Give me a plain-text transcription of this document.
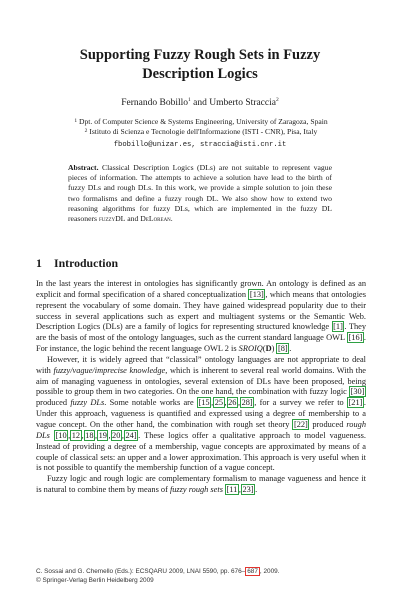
Supporting Fuzzy Rough Sets in Fuzzy
Description Logics
Fernando Bobillo$^1$ and Umberto Straccia$^2$
$^1$ Dpt. of Computer Science & Systems Engineering, University of Zaragoza, Spain
$^2$ Istituto di Scienza e Tecnologie dell'Informazione (ISTI - CNR), Pisa, Italy
fbobillo@unizar.es, straccia@isti.cnr.it
Abstract. Classical Description Logics (DLs) are not suitable to represent vague pieces of information. The attempts to achieve a solution have lead to the birth of fuzzy DLs and rough DLs. In this work, we provide a simple solution to join these two formalisms and define a fuzzy rough DL. We also show how to extend two reasoning algorithms for fuzzy DLs, which are implemented in the fuzzy DL reasoners fuzzyDL and DeLorean.
1 Introduction

In the last years the interest in ontologies has significantly grown. An ontology is defined as an explicit and formal specification of a shared conceptualization [13] , which means that ontologies represent the vocabulary of some domain. They have gained widespread popularity due to their success in several applications such as expert and multiagent systems or the Semantic Web. Description Logics (DLs) are a family of logics for representing structured knowledge [1] . They are the basis of most of the ontology languages, such as the current standard language OWL [16] . For instance, the logic behind the recent language OWL 2 is SROIQ(D) [8] .

However, it is widely agreed that “classical” ontology languages are not appropriate to deal with fuzzy/vague/imprecise knowledge, which is inherent to several real world domains. With the aim of managing vagueness in ontologies, several extension of DLs have been proposed, being possible to group them in two categories. On the one hand, the combination with fuzzy logic [30] produced fuzzy DLs. Some notable works are [15 , 25 , 26 , 28] , for a survey we refer to [21] . Under this approach, vagueness is quantified and expressed using a degree of membership to a vague concept. On the other hand, the combination with rough set theory [22] produced rough DLs [10 , 12 , 18 , 19 , 20 , 24] . These logics offer a qualitative approach to model vagueness. Instead of providing a degree of a membership, vague concepts are approximated by means of a couple of classical sets: an upper and a lower approximation. This approach is very useful when it is not possible to quantify the membership function of a vague concept.

Fuzzy logic and rough logic are complementary formalism to manage vagueness and hence it is natural to combine them by means of fuzzy rough sets [11 , 23] .

C. Sossai and G. Chemello (Eds.): ECSQARU 2009, LNAI 5590, pp. 676– 687 , 2009.
© Springer-Verlag Berlin Heidelberg 2009
